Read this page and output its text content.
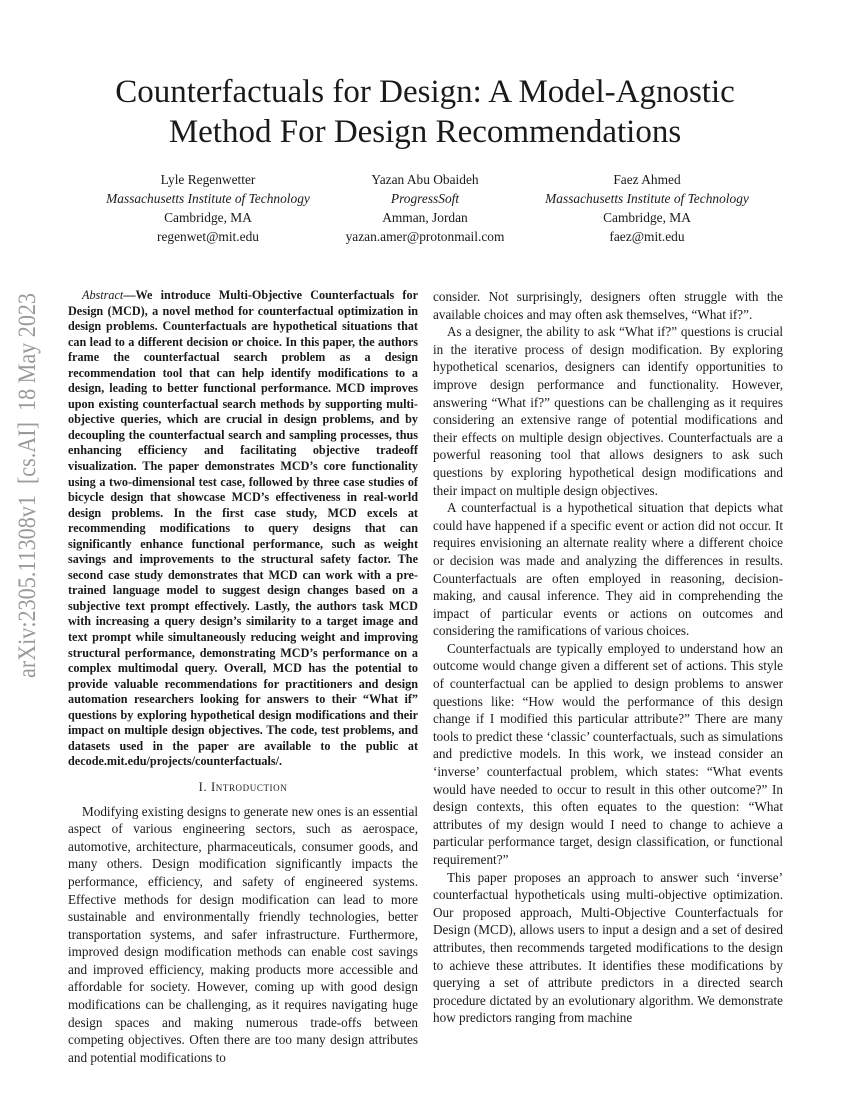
Counterfactuals for Design: A Model-Agnostic
Method For Design Recommendations
Lyle Regenwetter
Massachusetts Institute of Technology
Cambridge, MA
regenwet@mit.edu
Yazan Abu Obaideh
ProgressSoft
Amman, Jordan
yazan.amer@protonmail.com
Faez Ahmed
Massachusetts Institute of Technology
Cambridge, MA
faez@mit.edu
arXiv:2305.11308v1  [cs.AI]  18 May 2023	Abstract—We introduce Multi-Objective Counterfactuals for Design (MCD), a novel method for counterfactual optimization in design problems. Counterfactuals are hypothetical situations that can lead to a different decision or choice. In this paper, the authors frame the counterfactual search problem as a design recommendation tool that can help identify modifications to a design, leading to better functional performance. MCD improves upon existing counterfactual search methods by supporting multi-objective queries, which are crucial in design problems, and by decoupling the counterfactual search and sampling processes, thus enhancing efficiency and facilitating objective tradeoff visualization. The paper demonstrates MCD’s core functionality using a two-dimensional test case, followed by three case studies of bicycle design that showcase MCD’s effectiveness in real-world design problems. In the first case study, MCD excels at recommending modifications to query designs that can significantly enhance functional performance, such as weight savings and improvements to the structural safety factor. The second case study demonstrates that MCD can work with a pre-trained language model to suggest design changes based on a subjective text prompt effectively. Lastly, the authors task MCD with increasing a query design’s similarity to a target image and text prompt while simultaneously reducing weight and improving structural performance, demonstrating MCD’s performance on a complex multimodal query. Overall, MCD has the potential to provide valuable recommendations for practitioners and design automation researchers looking for answers to their “What if” questions by exploring hypothetical design modifications and their impact on multiple design objectives. The code, test problems, and datasets used in the paper are available to the public at decode.mit.edu/projects/counterfactuals/.

I. Introduction

Modifying existing designs to generate new ones is an essential aspect of various engineering sectors, such as aerospace, automotive, architecture, pharmaceuticals, consumer goods, and many others. Design modification significantly impacts the performance, efficiency, and safety of engineered systems. Effective methods for design modification can lead to more sustainable and environmentally friendly technologies, better transportation systems, and safer infrastructure. Furthermore, improved design modification methods can enable cost savings and improved efficiency, making products more accessible and affordable for society. However, coming up with good design modifications can be challenging, as it requires navigating huge design spaces and making numerous trade-offs between competing objectives. Often there are too many design attributes and potential modifications to

consider. Not surprisingly, designers often struggle with the available choices and may often ask themselves, “What if?”.

As a designer, the ability to ask “What if?” questions is crucial in the iterative process of design modification. By exploring hypothetical scenarios, designers can identify opportunities to improve design performance and functionality. However, answering “What if?” questions can be challenging as it requires considering an extensive range of potential modifications and their effects on multiple design objectives. Counterfactuals are a powerful reasoning tool that allows designers to ask such questions by exploring hypothetical design modifications and their impact on multiple design objectives.

A counterfactual is a hypothetical situation that depicts what could have happened if a specific event or action did not occur. It requires envisioning an alternate reality where a different choice or decision was made and analyzing the differences in results. Counterfactuals are often employed in reasoning, decision-making, and causal inference. They aid in comprehending the impact of particular events or actions on outcomes and considering the ramifications of various choices.

Counterfactuals are typically employed to understand how an outcome would change given a different set of actions. This style of counterfactual can be applied to design problems to answer questions like: “How would the performance of this design change if I modified this particular attribute?” There are many tools to predict these ‘classic’ counterfactuals, such as simulations and predictive models. In this work, we instead consider an ‘inverse’ counterfactual problem, which states: “What events would have needed to occur to result in this other outcome?” In design contexts, this often equates to the question: “What attributes of my design would I need to change to achieve a particular performance target, design classification, or functional requirement?”

This paper proposes an approach to answer such ‘inverse’ counterfactual hypotheticals using multi-objective optimization. Our proposed approach, Multi-Objective Counterfactuals for Design (MCD), allows users to input a design and a set of desired attributes, then recommends targeted modifications to the design to achieve these attributes. It identifies these modifications by querying a set of attribute predictors in a directed search procedure dictated by an evolutionary algorithm. We demonstrate how predictors ranging from machine
